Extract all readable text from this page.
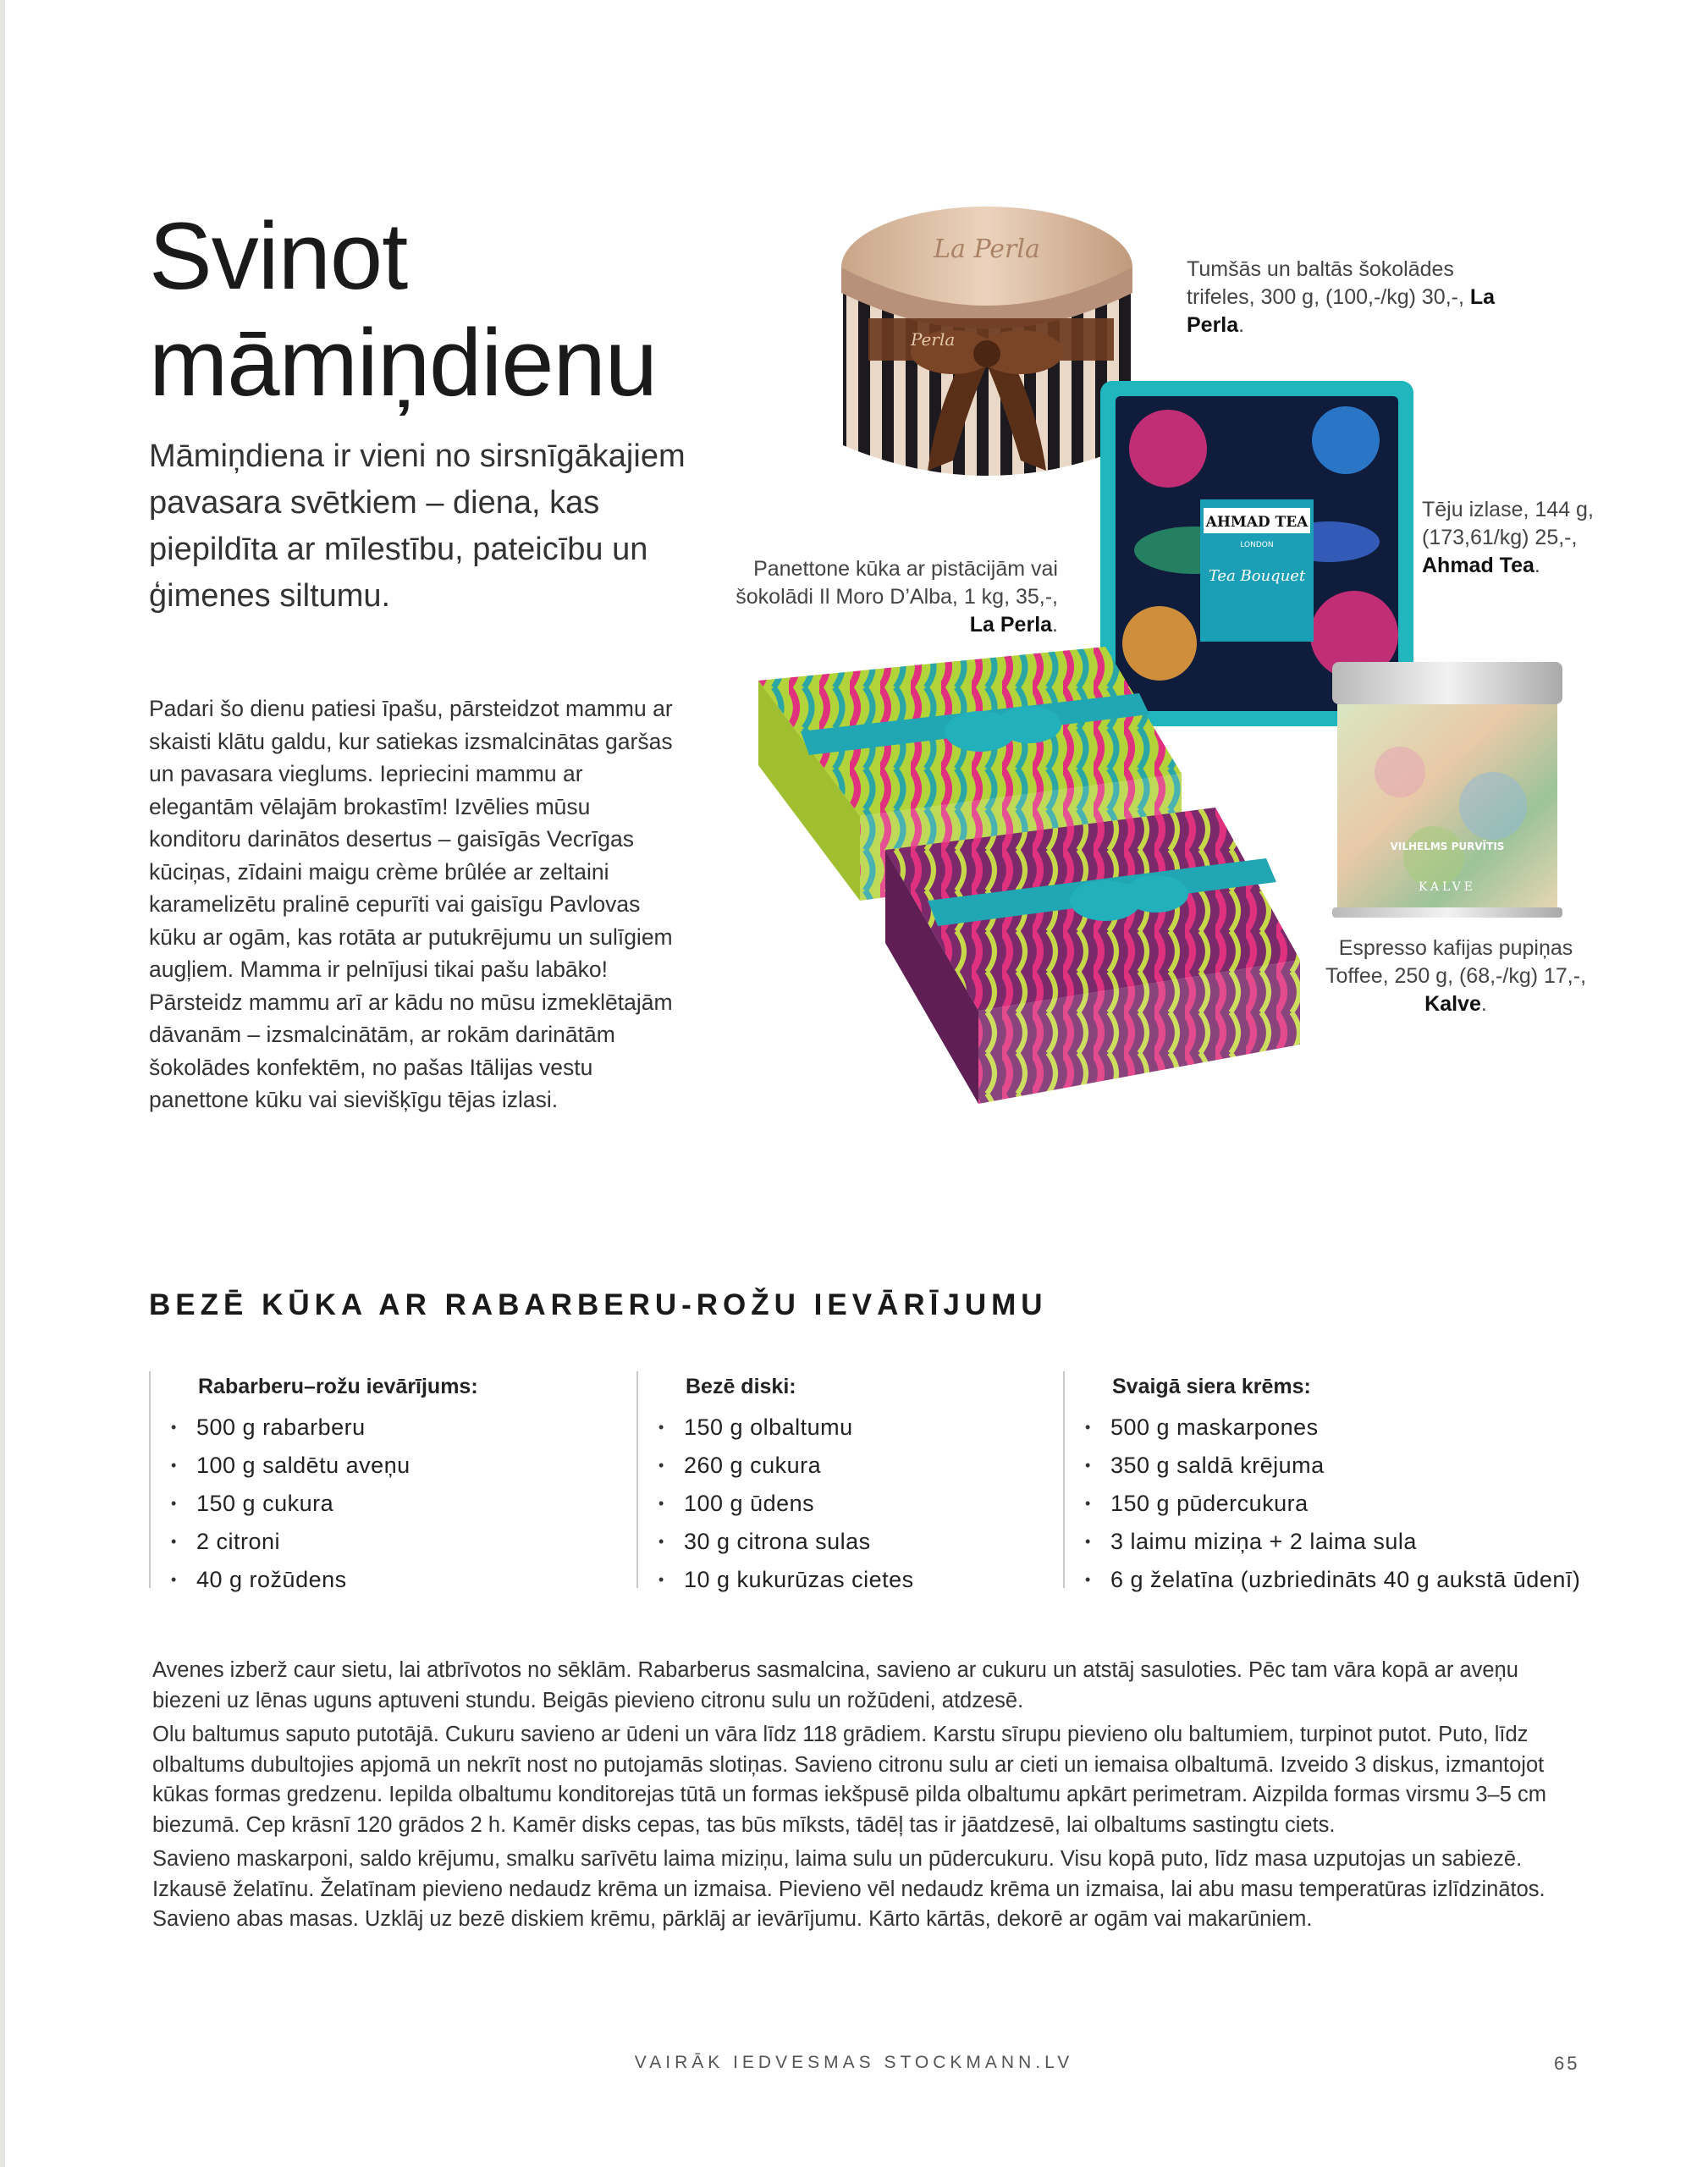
Svinot
māmiņdienu

Māmiņdiena ir vieni no sirsnīgākajiem pavasara svētkiem – diena, kas piepildīta ar mīlestību, pateicību un ģimenes siltumu.

Padari šo dienu patiesi īpašu, pārsteidzot mammu ar skaisti klātu galdu, kur satiekas izsmalcinātas garšas un pavasara vieglums. Iepriecini mammu ar elegantām vēlajām brokastīm! Izvēlies mūsu konditoru darinātos desertus – gaisīgās Vecrīgas kūciņas, zīdaini maigu crème brûlée ar zeltaini karamelizētu pralinē cepurīti vai gaisīgu Pavlovas kūku ar ogām, kas rotāta ar putukrējumu un sulīgiem augļiem. Mamma ir pelnījusi tikai pašu labāko! Pārsteidz mammu arī ar kādu no mūsu izmeklētajām dāvanām – izsmalcinātām, ar rokām darinātām šokolādes konfektēm, no pašas Itālijas vestu panettone kūku vai sievišķīgu tējas izlasi.

La Perla
Perla
AHMAD TEA
LONDON
Tea Bouquet
VILHELMS PURVĪTIS
KALVE
Tumšās un baltās šokolādes trifeles, 300 g, (100,-/kg) 30,-, La Perla.
Panettone kūka ar pistācijām vai šokolādi Il Moro D’Alba, 1 kg, 35,-, La Perla.
Tēju izlase, 144 g, (173,61/kg) 25,-, Ahmad Tea.
Espresso kafijas pupiņas Toffee, 250 g, (68,-/kg) 17,-, Kalve.
BEZĒ KŪKA AR RABARBERU-ROŽU IEVĀRĪJUMU
Rabarberu–rožu ievārījums:
• 500 g rabarberu
• 100 g saldētu aveņu
• 150 g cukura
• 2 citroni
• 40 g rožūdens
Bezē diski:
• 150 g olbaltumu
• 260 g cukura
• 100 g ūdens
• 30 g citrona sulas
• 10 g kukurūzas cietes
Svaigā siera krēms:
• 500 g maskarpones
• 350 g saldā krējuma
• 150 g pūdercukura
• 3 laimu miziņa + 2 laima sula
• 6 g želatīna (uzbriedināts 40 g aukstā ūdenī)

Avenes izberž caur sietu, lai atbrīvotos no sēklām. Rabarberus sasmalcina, savieno ar cukuru un atstāj sasuloties. Pēc tam vāra kopā ar aveņu biezeni uz lēnas uguns aptuveni stundu. Beigās pievieno citronu sulu un rožūdeni, atdzesē.

Olu baltumus saputo putotājā. Cukuru savieno ar ūdeni un vāra līdz 118 grādiem. Karstu sīrupu pievieno olu baltumiem, turpinot putot. Puto, līdz olbaltums dubultojies apjomā un nekrīt nost no putojamās slotiņas. Savieno citronu sulu ar cieti un iemaisa olbaltumā. Izveido 3 diskus, izmantojot kūkas formas gredzenu. Iepilda olbaltumu konditorejas tūtā un formas iekšpusē pilda olbaltumu apkārt perimetram. Aizpilda formas virsmu 3–5 cm biezumā. Cep krāsnī 120 grādos 2 h. Kamēr disks cepas, tas būs mīksts, tādēļ tas ir jāatdzesē, lai olbaltums sastingtu ciets.

Savieno maskarponi, saldo krējumu, smalku sarīvētu laima miziņu, laima sulu un pūdercukuru. Visu kopā puto, līdz masa uzputojas un sabiezē. Izkausē želatīnu. Želatīnam pievieno nedaudz krēma un izmaisa. Pievieno vēl nedaudz krēma un izmaisa, lai abu masu temperatūras izlīdzinātos. Savieno abas masas. Uzklāj uz bezē diskiem krēmu, pārklāj ar ievārījumu. Kārto kārtās, dekorē ar ogām vai makarūniem.

VAIRĀK IEDVESMAS STOCKMANN.LV	65
